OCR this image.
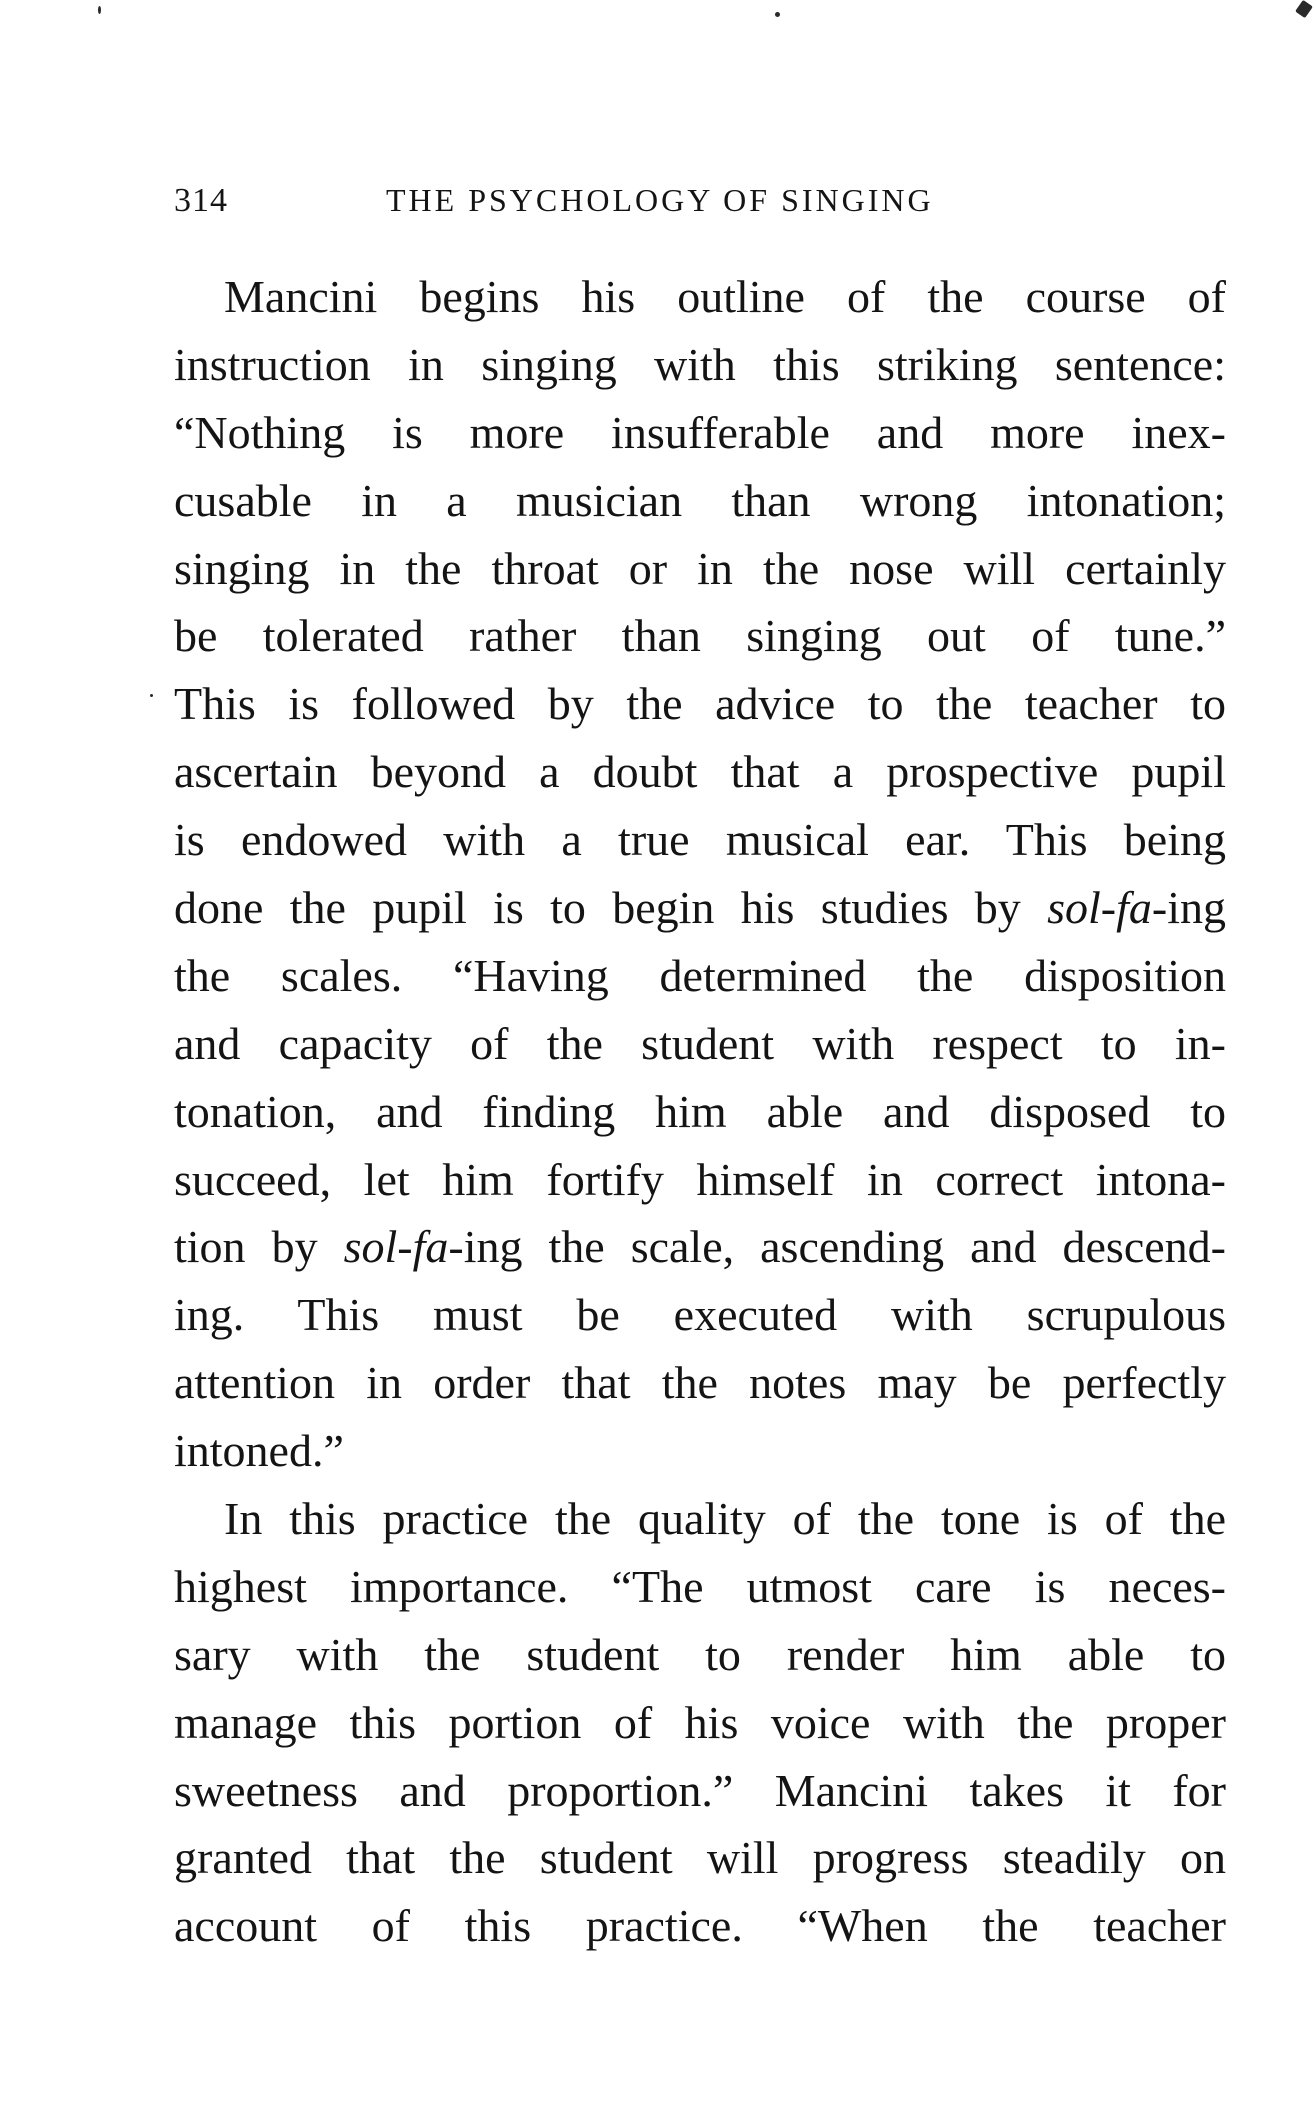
314	THE PSYCHOLOGY OF SINGING
Mancini begins his outline of the course of
instruction in singing with this striking sentence:
“Nothing is more insufferable and more inex-
cusable in a musician than wrong intonation;
singing in the throat or in the nose will certainly
be tolerated rather than singing out of tune.”
This is followed by the advice to the teacher to
ascertain beyond a doubt that a prospective pupil
is endowed with a true musical ear. This being
done the pupil is to begin his studies by sol-fa-ing
the scales. “Having determined the disposition
and capacity of the student with respect to in-
tonation, and finding him able and disposed to
succeed, let him fortify himself in correct intona-
tion by sol-fa-ing the scale, ascending and descend-
ing. This must be executed with scrupulous
attention in order that the notes may be perfectly
intoned.”
In this practice the quality of the tone is of the
highest importance. “The utmost care is neces-
sary with the student to render him able to
manage this portion of his voice with the proper
sweetness and proportion.” Mancini takes it for
granted that the student will progress steadily on
account of this practice. “When the teacher
